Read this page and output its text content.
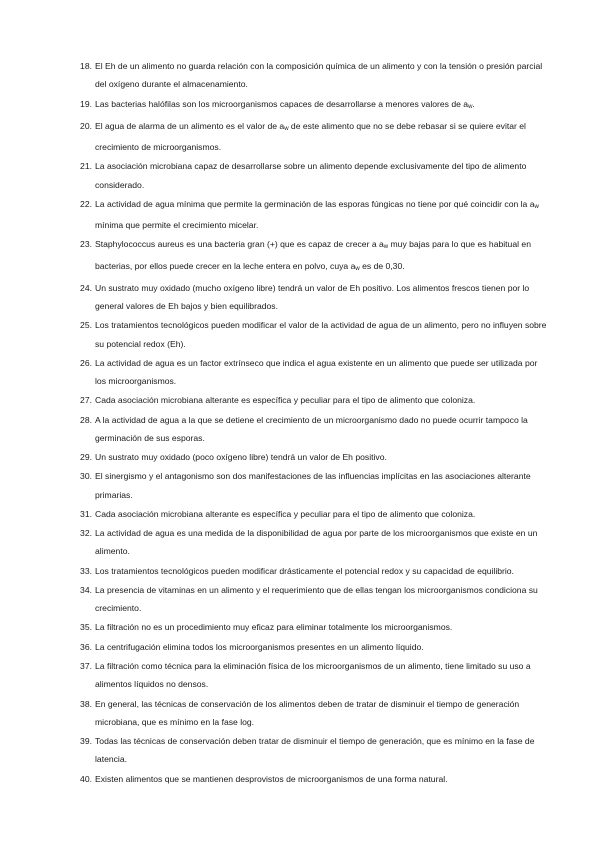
18. El Eh de un alimento no guarda relación con la composición química de un alimento y con la tensión o presión parcial del oxígeno durante el almacenamiento.
19. Las bacterias halófilas son los microorganismos capaces de desarrollarse a menores valores de aw.
20. El agua de alarma de un alimento es el valor de aw de este alimento que no se debe rebasar si se quiere evitar el crecimiento de microorganismos.
21. La asociación microbiana capaz de desarrollarse sobre un alimento depende exclusivamente del tipo de alimento considerado.
22. La actividad de agua mínima que permite la germinación de las esporas fúngicas no tiene por qué coincidir con la aw mínima que permite el crecimiento micelar.
23. Staphylococcus aureus es una bacteria gran (+) que es capaz de crecer a aw muy bajas para lo que es habitual en bacterias, por ellos puede crecer en la leche entera en polvo, cuya aw es de 0,30.
24. Un sustrato muy oxidado (mucho oxígeno libre) tendrá un valor de Eh positivo. Los alimentos frescos tienen por lo general valores de Eh bajos y bien equilibrados.
25. Los tratamientos tecnológicos pueden modificar el valor de la actividad de agua de un alimento, pero no influyen sobre su potencial redox (Eh).
26. La actividad de agua es un factor extrínseco que indica el agua existente en un alimento que puede ser utilizada por los microorganismos.
27. Cada asociación microbiana alterante es específica y peculiar para el tipo de alimento que coloniza.
28. A la actividad de agua a la que se detiene el crecimiento de un microorganismo dado no puede ocurrir tampoco la germinación de sus esporas.
29. Un sustrato muy oxidado (poco oxígeno libre) tendrá un valor de Eh positivo.
30. El sinergismo y el antagonismo son dos manifestaciones de las influencias implícitas en las asociaciones alterante primarias.
31. Cada asociación microbiana alterante es específica y peculiar para el tipo de alimento que coloniza.
32. La actividad de agua es una medida de la disponibilidad de agua por parte de los microorganismos que existe en un alimento.
33. Los tratamientos tecnológicos pueden modificar drásticamente el potencial redox y su capacidad de equilibrio.
34. La presencia de vitaminas en un alimento y el requerimiento que de ellas tengan los microorganismos condiciona su crecimiento.
35. La filtración no es un procedimiento muy eficaz para eliminar totalmente los microorganismos.
36. La centrifugación elimina todos los microorganismos presentes en un alimento líquido.
37. La filtración como técnica para la eliminación física de los microorganismos de un alimento, tiene limitado su uso a alimentos líquidos no densos.
38. En general, las técnicas de conservación de los alimentos deben de tratar de disminuir el tiempo de generación microbiana, que es mínimo en la fase log.
39. Todas las técnicas de conservación deben tratar de disminuir el tiempo de generación, que es mínimo en la fase de latencia.
40. Existen alimentos que se mantienen desprovistos de microorganismos de una forma natural.
